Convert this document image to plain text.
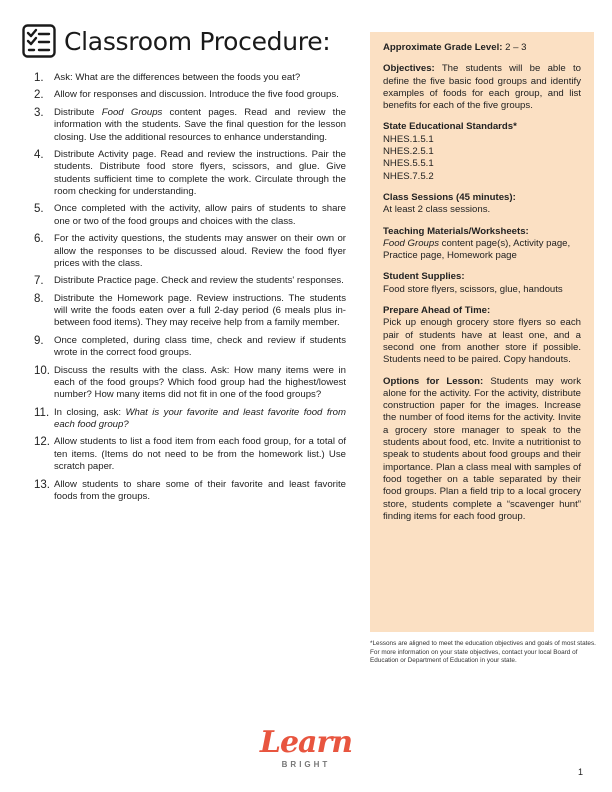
Classroom Procedure:
1.	Ask: What are the differences between the foods you eat?
2.	Allow for responses and discussion. Introduce the five food groups.
3.	Distribute Food Groups content pages. Read and review the information with the students. Save the final question for the lesson closing. Use the additional resources to enhance understanding.
4.	Distribute Activity page. Read and review the instructions. Pair the students. Distribute food store flyers, scissors, and glue. Give students sufficient time to complete the work. Circulate through the room checking for understanding.
5.	Once completed with the activity, allow pairs of students to share one or two of the food groups and choices with the class.
6.	For the activity questions, the students may answer on their own or allow the responses to be discussed aloud. Review the food flyer prices with the class.
7.	Distribute Practice page. Check and review the students' responses.
8.	Distribute the Homework page. Review instructions. The students will write the foods eaten over a full 2-day period (6 meals plus in-between food items). They may receive help from a family member.
9.	Once completed, during class time, check and review if students wrote in the correct food groups.
10. Discuss the results with the class. Ask: How many items were in each of the food groups? Which food group had the highest/lowest number? How many items did not fit in one of the food groups?
11. In closing, ask: What is your favorite and least favorite food from each food group?
12. Allow students to list a food item from each food group, for a total of ten items. (Items do not need to be from the homework list.) Use scratch paper.
13. Allow students to share some of their favorite and least favorite foods from the groups.
Approximate Grade Level: 2 – 3
Objectives: The students will be able to define the five basic food groups and identify examples of foods for each group, and list benefits for each of the five groups.
State Educational Standards*
NHES.1.5.1
NHES.2.5.1
NHES.5.5.1
NHES.7.5.2
Class Sessions (45 minutes):
At least 2 class sessions.
Teaching Materials/Worksheets:
Food Groups content page(s), Activity page, Practice page, Homework page
Student Supplies:
Food store flyers, scissors, glue, handouts
Prepare Ahead of Time:
Pick up enough grocery store flyers so each pair of students have at least one, and a second one from another store if possible. Students need to be paired. Copy handouts.
Options for Lesson: Students may work alone for the activity. For the activity, distribute construction paper for the images. Increase the number of food items for the activity. Invite a grocery store manager to speak to the students about food, etc. Invite a nutritionist to speak to students about food groups and their importance. Plan a class meal with samples of food together on a table separated by their food groups. Plan a field trip to a local grocery store, students complete a “scavenger hunt” finding items for each food group.
*Lessons are aligned to meet the education objectives and goals of most states. For more information on your state objectives, contact your local Board of Education or Department of Education in your state.
Learn
BRIGHT
1
